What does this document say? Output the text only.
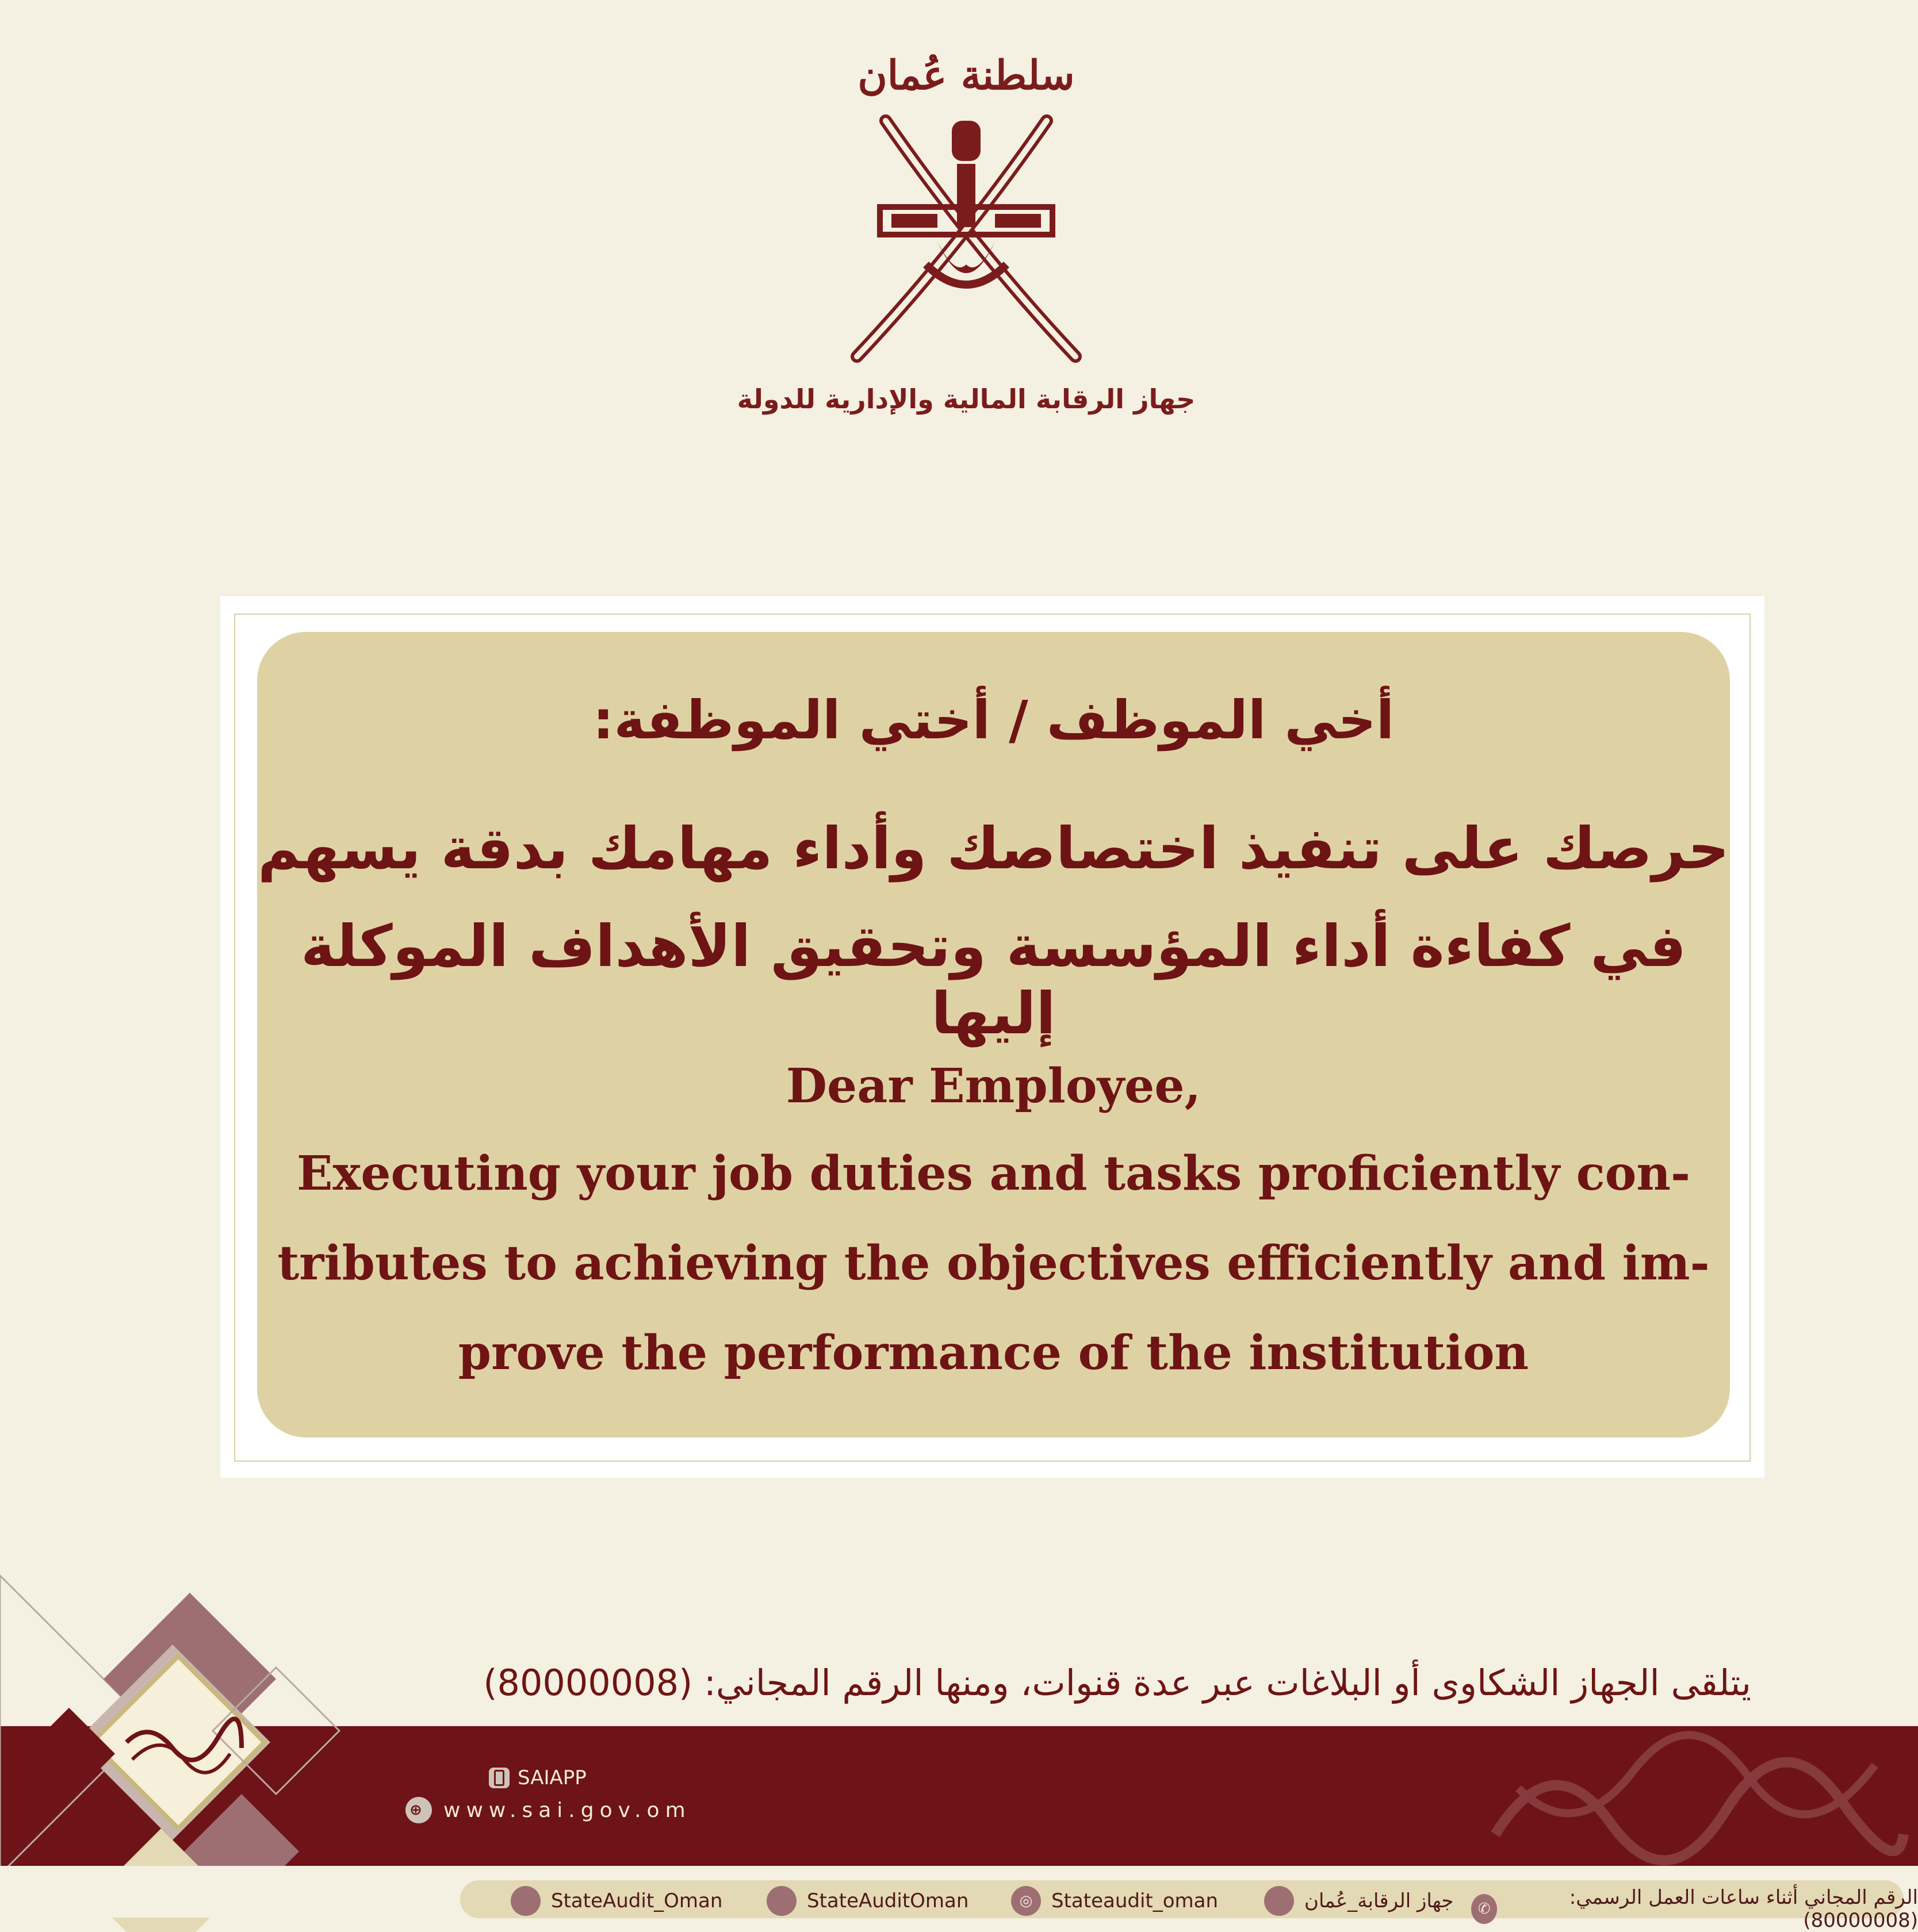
سلطنة عُمان
جهاز الرقابة المالية والإدارية للدولة
أخي الموظف / أختي الموظفة:
حرصك على تنفيذ اختصاصك وأداء مهامك بدقة يسهم
في كفاءة أداء المؤسسة وتحقيق الأهداف الموكلة إليها
Dear Employee,
Executing your job duties and tasks proficiently con-
tributes to achieving the objectives efficiently and im-
prove the performance of the institution
يتلقى الجهاز الشكاوى أو البلاغات عبر عدة قنوات، ومنها الرقم المجاني: (80000008)
SAIAPP
⊕ www.sai.gov.om
StateAudit_Oman	StateAuditOman	◎ Stateaudit_oman	جهاز الرقابة_عُمان	الرقم المجاني أثناء ساعات العمل الرسمي: (80000008)
✆
